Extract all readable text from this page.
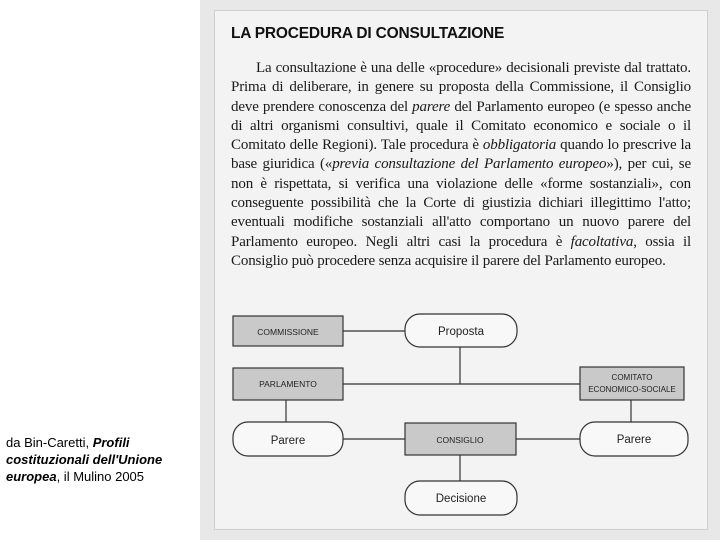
da Bin-Caretti, Profili costituzionali dell'Unione europea, il Mulino 2005
LA PROCEDURA DI CONSULTAZIONE
La consultazione è una delle «procedure» decisionali previste dal trattato. Prima di deliberare, in genere su proposta della Commissione, il Consiglio deve prendere conoscenza del parere del Parlamento europeo (e spesso anche di altri organismi consultivi, quale il Comitato economico e sociale o il Comitato delle Regioni). Tale procedura è obbligatoria quando lo prescrive la base giuridica («previa consultazione del Parlamento europeo»), per cui, se non è rispettata, si verifica una violazione delle «forme sostanziali», con conseguente possibilità che la Corte di giustizia dichiari illegittimo l'atto; eventuali modifiche sostanziali all'atto comportano un nuovo parere del Parlamento europeo. Negli altri casi la procedura è facoltativa, ossia il Consiglio può procedere senza acquisire il parere del Parlamento europeo.
COMMISSIONE
PARLAMENTO
COMITATO
ECONOMICO-SOCIALE
CONSIGLIO
Proposta
Parere	Parere
Decisione
